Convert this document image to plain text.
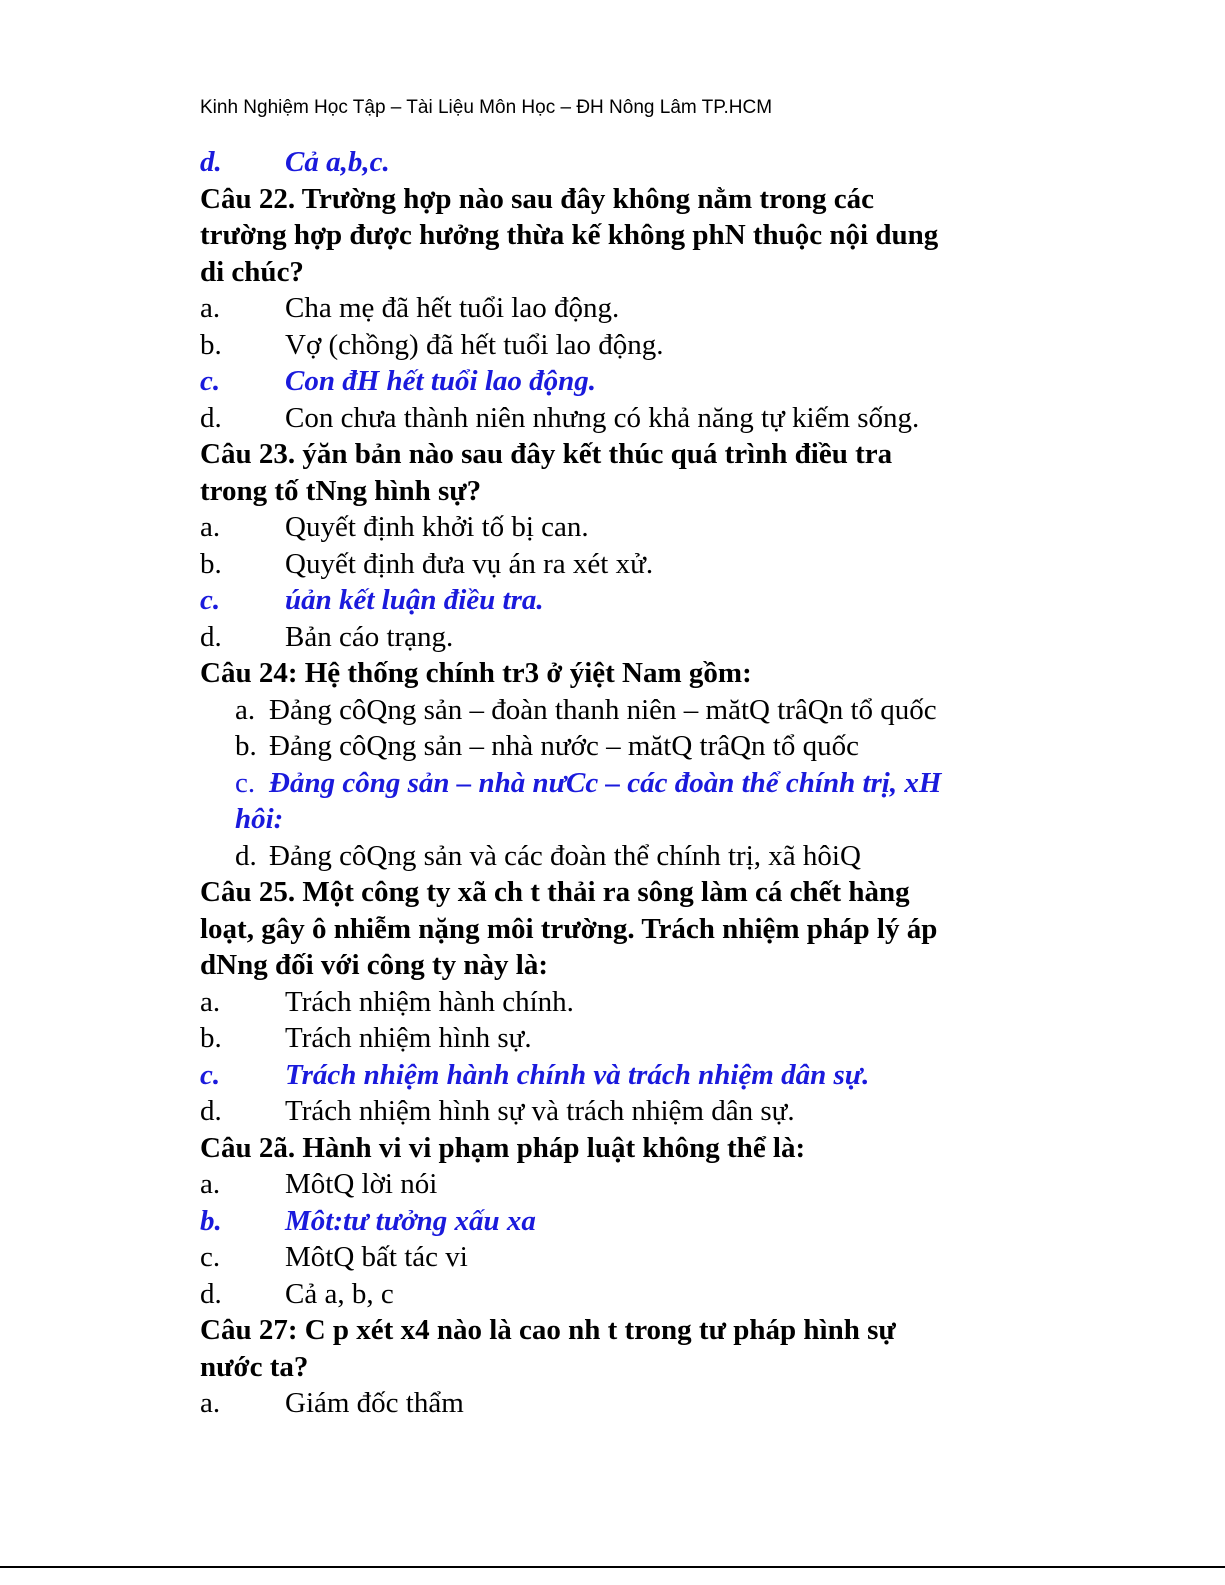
Kinh Nghiệm Học Tập – Tài Liệu Môn Học – ĐH Nông Lâm TP.HCM
d.	Cả a,b,c.
Câu 22. Trường hợp nào sau đây không nằm trong các
trường hợp được hưởng thừa kế không phN thuộc nội dung
di chúc?
a.	Cha mẹ đã hết tuổi lao động.
b.	Vợ (chồng) đã hết tuổi lao động.
c.	Con đH hết tuổi lao động.
d.	Con chưa thành niên nhưng có khả năng tự kiếm sống.
Câu 23. ýăn bản nào sau đây kết thúc quá trình điều tra
trong tố tNng hình sự?
a.	Quyết định khởi tố bị can.
b.	Quyết định đưa vụ án ra xét xử.
c.	úản kết luận điều tra.
d.	Bản cáo trạng.
Câu 24: Hệ thống chính tr3 ở ýiệt Nam gồm:
a. Đảng côQng sản – đoàn thanh niên – mătQ trâQn tổ quốc
b. Đảng côQng sản – nhà nước – mătQ trâQn tổ quốc
c. Đảng công sản – nhà nưCc – các đoàn thể chính trị, xH
hôi:
d. Đảng côQng sản và các đoàn thể chính trị, xã hôiQ
Câu 25. Một công ty xã ch t thải ra sông làm cá chết hàng
loạt, gây ô nhiễm nặng môi trường. Trách nhiệm pháp lý áp
dNng đối với công ty này là:
a.	Trách nhiệm hành chính.
b.	Trách nhiệm hình sự.
c.	Trách nhiệm hành chính và trách nhiệm dân sự.
d.	Trách nhiệm hình sự và trách nhiệm dân sự.
Câu 2ã. Hành vi vi phạm pháp luật không thể là:
a.	MôtQ lời nói
b.	Môt:tư tưởng xấu xa
c.	MôtQ bất tác vi
d.	Cả a, b, c
Câu 27: C p xét x4 nào là cao nh t trong tư pháp hình sự
nước ta?
a.	Giám đốc thẩm
